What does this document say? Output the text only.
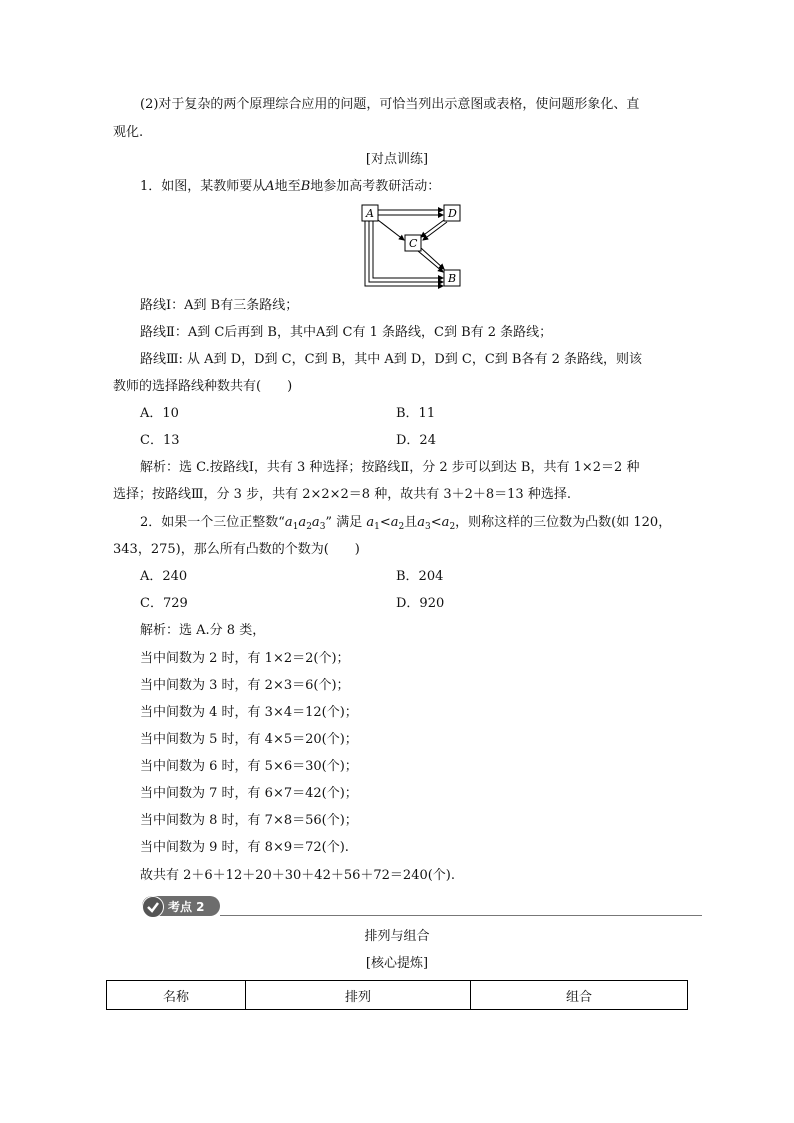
(2)对于复杂的两个原理综合应用的问题，可恰当列出示意图或表格，使问题形象化、直
观化.
[对点训练]
1．如图，某教师要从A地至B地参加高考教研活动：
A	D
C
B
路线Ⅰ：A到 B有三条路线；
路线Ⅱ：A到 C后再到 B，其中A到 C有 1 条路线，C到 B有 2 条路线；
路线Ⅲ: 从 A到 D，D到 C，C到 B，其中 A到 D，D到 C，C到 B各有 2 条路线，则该
教师的选择路线种数共有(　　)
A．10	B．11
C．13	D．24
解析：选 C.按路线Ⅰ，共有 3 种选择；按路线Ⅱ，分 2 步可以到达 B，共有 1×2＝2 种
选择；按路线Ⅲ，分 3 步，共有 2×2×2＝8 种，故共有 3＋2＋8＝13 种选择.
2．如果一个三位正整数“$a_1a_2a_3$” 满足 $a_1<a_2$且$a_3<a_2$，则称这样的三位数为凸数(如 120，
343，275)，那么所有凸数的个数为(　　)
A．240	B．204
C．729	D．920
解析：选 A.分 8 类，
当中间数为 2 时，有 1×2＝2(个)；
当中间数为 3 时，有 2×3＝6(个)；
当中间数为 4 时，有 3×4＝12(个)；
当中间数为 5 时，有 4×5＝20(个)；
当中间数为 6 时，有 5×6＝30(个)；
当中间数为 7 时，有 6×7＝42(个)；
当中间数为 8 时，有 7×8＝56(个)；
当中间数为 9 时，有 8×9＝72(个).
故共有 2＋6＋12＋20＋30＋42＋56＋72＝240(个).
考点 2
排列与组合
[核心提炼]
名称	排列	组合
